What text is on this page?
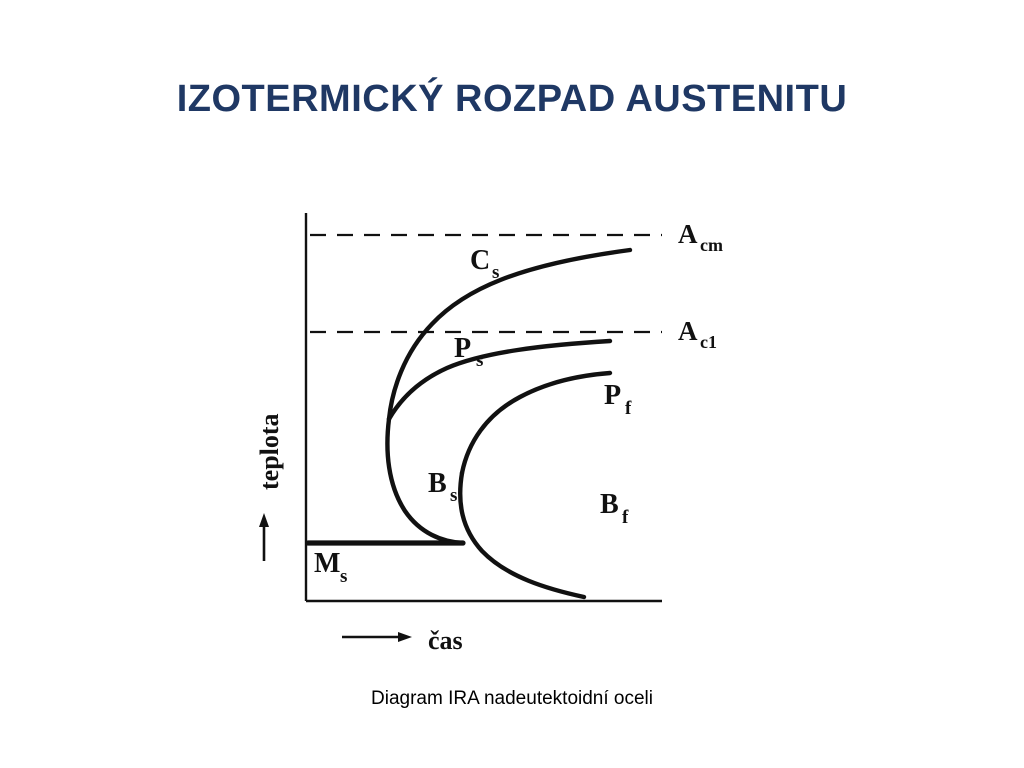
IZOTERMICKÝ ROZPAD AUSTENITU
A cm
A c1
C s
P s
P f
B s	B f
M s
teplota
čas
Diagram IRA nadeutektoidní oceli
